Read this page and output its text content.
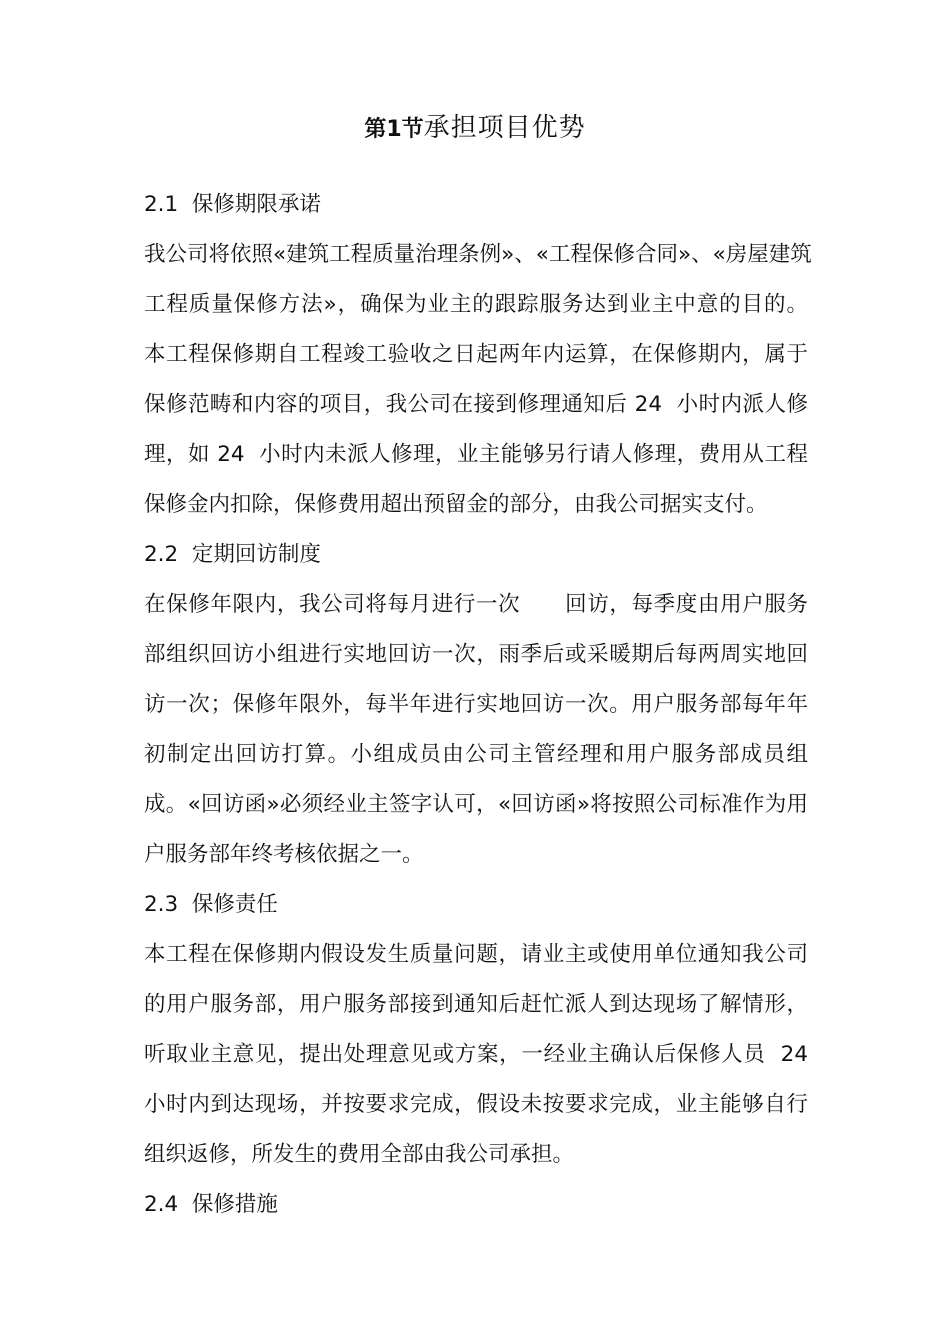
第1节承担项目优势
2.1  保修期限承诺
我公司将依照«建筑工程质量治理条例»、«工程保修合同»、«房屋建筑
工程质量保修方法»，确保为业主的跟踪服务达到业主中意的目的。
本工程保修期自工程竣工验收之日起两年内运算，在保修期内，属于
保修范畴和内容的项目，我公司在接到修理通知后 24  小时内派人修
理，如 24  小时内未派人修理，业主能够另行请人修理，费用从工程
保修金内扣除，保修费用超出预留金的部分，由我公司据实支付。
2.2  定期回访制度
在保修年限内，我公司将每月进行一次      回访，每季度由用户服务
部组织回访小组进行实地回访一次，雨季后或采暖期后每两周实地回
访一次；保修年限外，每半年进行实地回访一次。用户服务部每年年
初制定出回访打算。小组成员由公司主管经理和用户服务部成员组
成。«回访函»必须经业主签字认可，«回访函»将按照公司标准作为用
户服务部年终考核依据之一。
2.3  保修责任
本工程在保修期内假设发生质量问题，请业主或使用单位通知我公司
的用户服务部，用户服务部接到通知后赶忙派人到达现场了解情形，
听取业主意见，提出处理意见或方案，一经业主确认后保修人员  24
小时内到达现场，并按要求完成，假设未按要求完成，业主能够自行
组织返修，所发生的费用全部由我公司承担。
2.4  保修措施
